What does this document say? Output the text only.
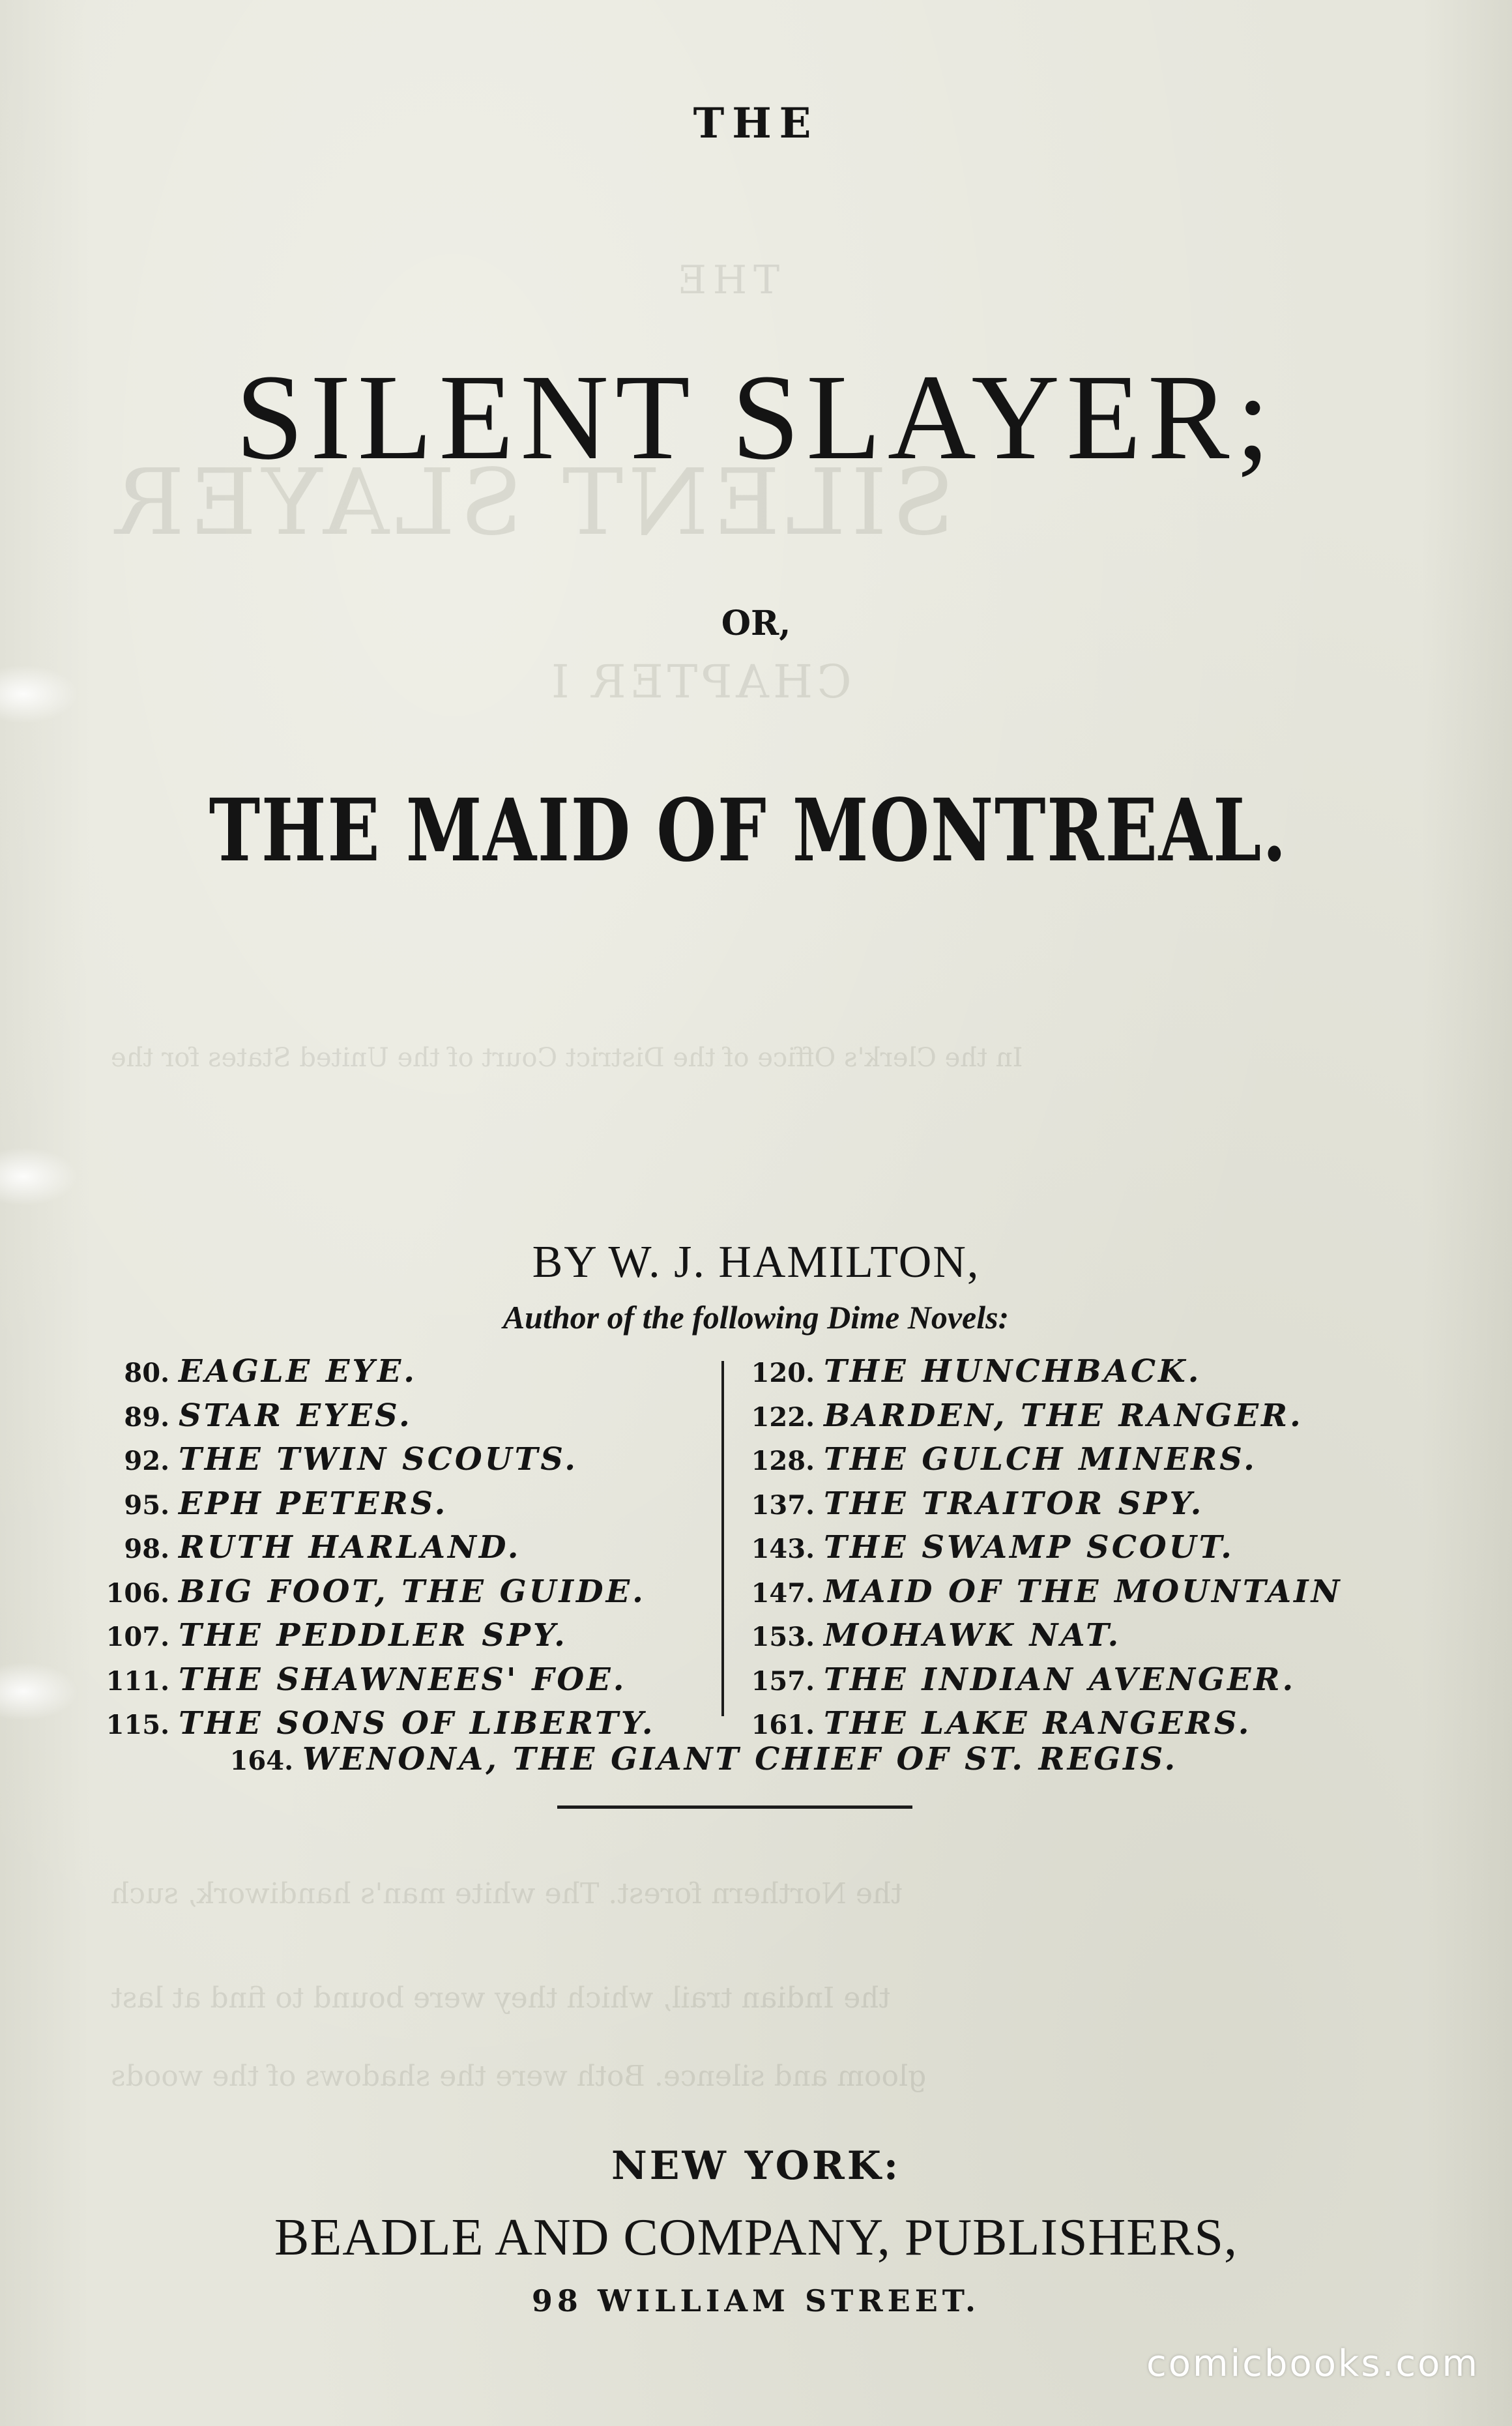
THE
SILENT SLAYER
CHAPTER I
In the Clerk's Office of the District Court of the United States for the
the Northern forest. The white man's handiwork, such
the Indian trail, which they were bound to find at last
gloom and silence. Both were the shadows of the woods
THE
SILENT SLAYER;
OR,
THE MAID OF MONTREAL.
BY W. J. HAMILTON,
Author of the following Dime Novels:
80. EAGLE EYE.
89. STAR EYES.
92. THE TWIN SCOUTS.
95. EPH PETERS.
98. RUTH HARLAND.
106. BIG FOOT, THE GUIDE.
107. THE PEDDLER SPY.
111. THE SHAWNEES' FOE.
115. THE SONS OF LIBERTY.
120. THE HUNCHBACK.
122. BARDEN, THE RANGER.
128. THE GULCH MINERS.
137. THE TRAITOR SPY.
143. THE SWAMP SCOUT.
147. MAID OF THE MOUNTAIN
153. MOHAWK NAT.
157. THE INDIAN AVENGER.
161. THE LAKE RANGERS.
164. WENONA, THE GIANT CHIEF OF ST. REGIS.
NEW YORK:
BEADLE AND COMPANY, PUBLISHERS,
98 WILLIAM STREET.
comicbooks.com
